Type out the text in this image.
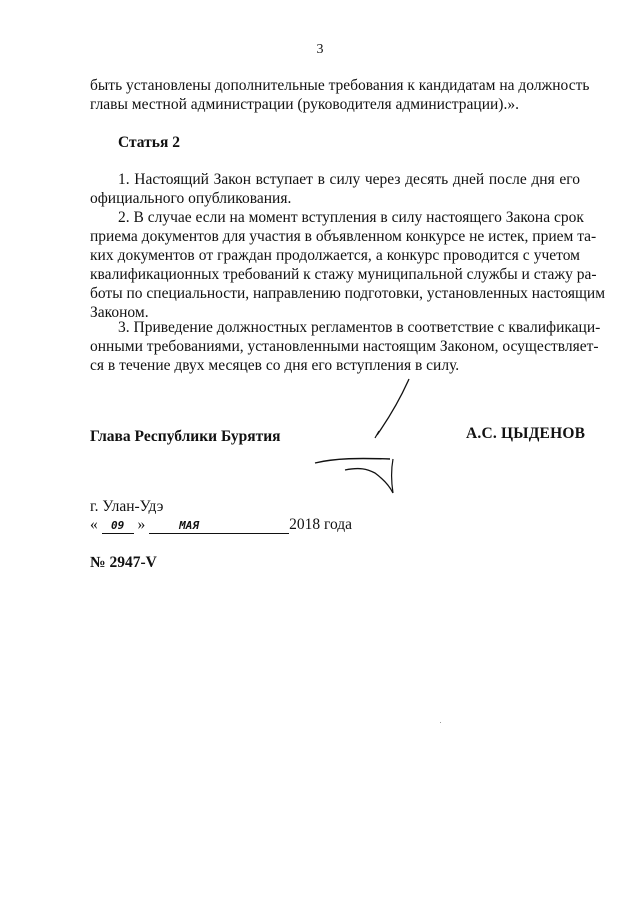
3
быть установлены дополнительные требования к кандидатам на должность
главы местной администрации (руководителя администрации).».
Статья 2
1. Настоящий Закон вступает в силу через десять дней после дня его
официального опубликования.
2. В случае если на момент вступления в силу настоящего Закона срок
приема документов для участия в объявленном конкурсе не истек, прием та-
ких документов от граждан продолжается, а конкурс проводится с учетом
квалификационных требований к стажу муниципальной службы и стажу ра-
боты по специальности, направлению подготовки, установленных настоящим
Законом.
3. Приведение должностных регламентов в соответствие с квалификаци-
онными требованиями, установленными настоящим Законом, осуществляет-
ся в течение двух месяцев со дня его вступления в силу.
Глава Республики Бурятия	А.С. ЦЫДЕНОВ
г. Улан-Удэ
« 09 »	МАЯ	2018 года
№ 2947-V
